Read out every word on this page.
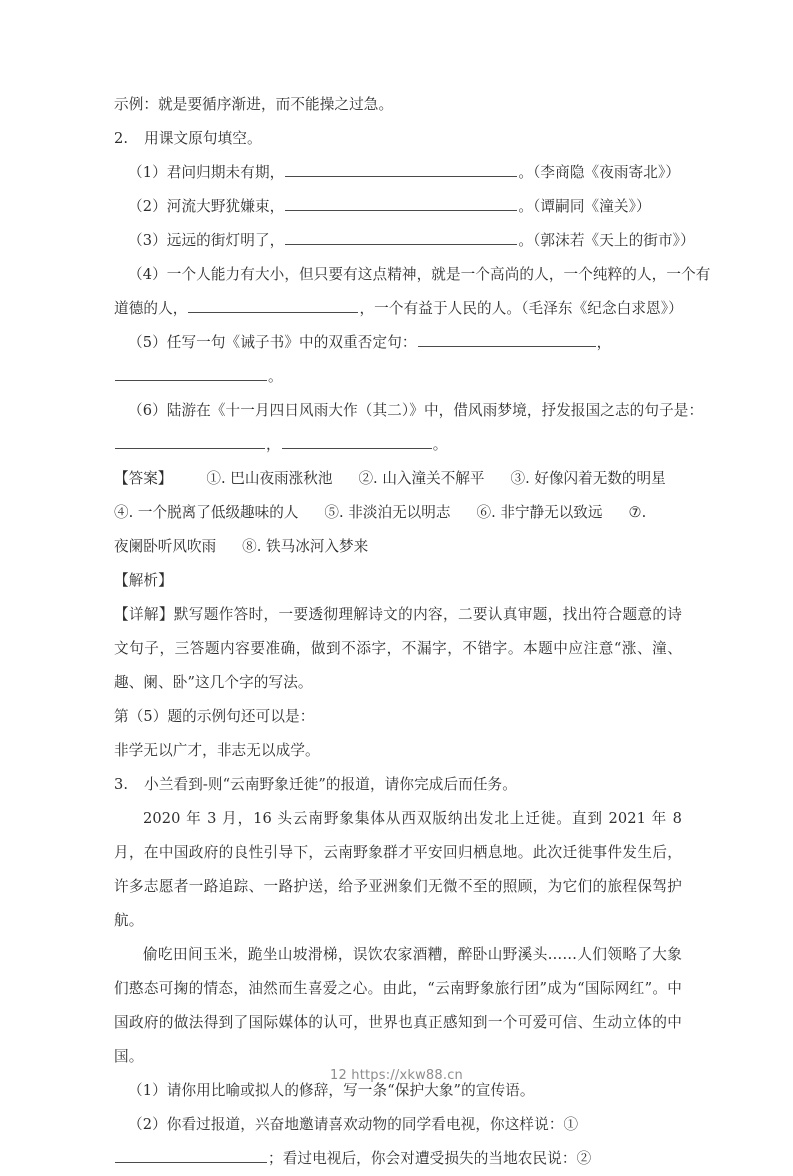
示例：就是要循序渐进，而不能操之过急。
2. 用课文原句填空。
（1）君问归期未有期，	。（李商隐《夜雨寄北》）
（2）河流大野犹嫌束，	。（谭嗣同《潼关》）
（3）远远的街灯明了，	。（郭沫若《天上的街市》）
（4）一个人能力有大小，但只要有这点精神，就是一个高尚的人，一个纯粹的人，一个有
道德的人，	，一个有益于人民的人。（毛泽东《纪念白求恩》）
（5）任写一句《诫子书》中的双重否定句：	，
。
（6）陆游在《十一月四日风雨大作（其二）》中，借风雨梦境，抒发报国之志的句子是：
，	。
【答案】 ①. 巴山夜雨涨秋池 ②. 山入潼关不解平 ③. 好像闪着无数的明星
④. 一个脱离了低级趣味的人 ⑤. 非淡泊无以明志 ⑥. 非宁静无以致远 ⑦.
夜阑卧听风吹雨 ⑧. 铁马冰河入梦来
【解析】
【详解】默写题作答时，一要透彻理解诗文的内容，二要认真审题，找出符合题意的诗文句子，三答题内容要准确，做到不添字，不漏字，不错字。本题中应注意“涨、潼、趣、阑、卧”这几个字的写法。
第（5）题的示例句还可以是：
非学无以广才，非志无以成学。
3. 小兰看到-则“云南野象迁徙”的报道，请你完成后而任务。
2020 年 3 月，16 头云南野象集体从西双版纳出发北上迁徙。直到 2021 年 8 月，在中国政府的良性引导下，云南野象群才平安回归栖息地。此次迁徙事件发生后，许多志愿者一路追踪、一路护送，给予亚洲象们无微不至的照顾，为它们的旅程保驾护航。
偷吃田间玉米，跪坐山坡滑梯，误饮农家酒糟，醉卧山野溪头……人们领略了大象们憨态可掬的情态，油然而生喜爱之心。由此，“云南野象旅行团”成为“国际网红”。中国政府的做法得到了国际媒体的认可，世界也真正感知到一个可爱可信、生动立体的中国。
（1）请你用比喻或拟人的修辞，写一条“保护大象”的宣传语。
（2）你看过报道，兴奋地邀请喜欢动物的同学看电视，你这样说：①
；看过电视后，你会对遭受损失的当地农民说：②
12 https://xkw88.cn
